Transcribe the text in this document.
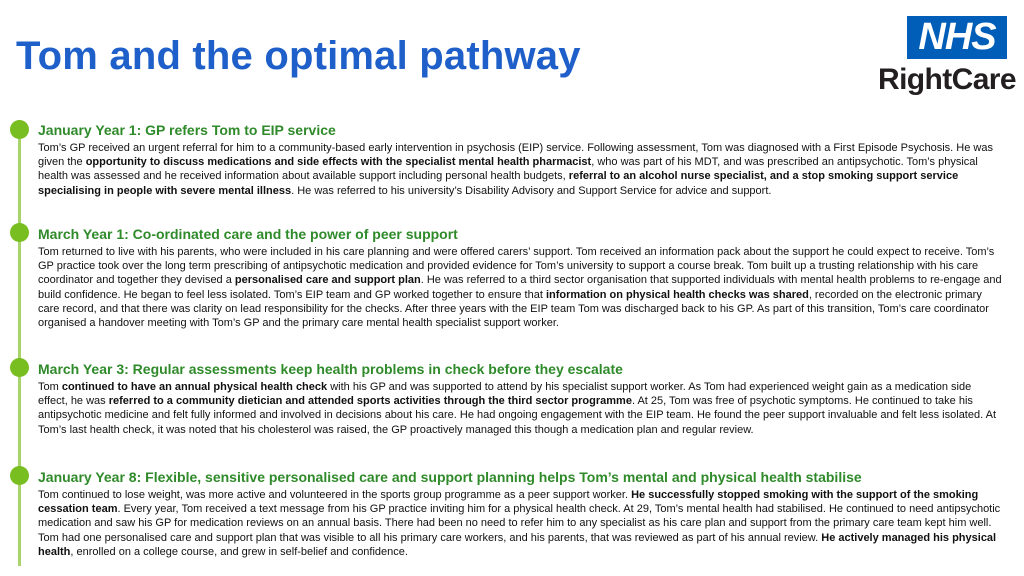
Tom and the optimal pathway	NHS
RightCare
January Year 1: GP refers Tom to EIP service

Tom’s GP received an urgent referral for him to a community-based early intervention in psychosis (EIP) service. Following assessment, Tom was diagnosed with a First Episode Psychosis. He was given the opportunity to discuss medications and side effects with the specialist mental health pharmacist, who was part of his MDT, and was prescribed an antipsychotic. Tom’s physical health was assessed and he received information about available support including personal health budgets, referral to an alcohol nurse specialist, and a stop smoking support service specialising in people with severe mental illness. He was referred to his university’s Disability Advisory and Support Service for advice and support.

March Year 1: Co-ordinated care and the power of peer support

Tom returned to live with his parents, who were included in his care planning and were offered carers’ support. Tom received an information pack about the support he could expect to receive. Tom’s GP practice took over the long term prescribing of antipsychotic medication and provided evidence for Tom’s university to support a course break. Tom built up a trusting relationship with his care coordinator and together they devised a personalised care and support plan. He was referred to a third sector organisation that supported individuals with mental health problems to re-engage and build confidence. He began to feel less isolated. Tom’s EIP team and GP worked together to ensure that information on physical health checks was shared, recorded on the electronic primary care record, and that there was clarity on lead responsibility for the checks. After three years with the EIP team Tom was discharged back to his GP. As part of this transition, Tom’s care coordinator organised a handover meeting with Tom’s GP and the primary care mental health specialist support worker.

March Year 3: Regular assessments keep health problems in check before they escalate

Tom continued to have an annual physical health check with his GP and was supported to attend by his specialist support worker. As Tom had experienced weight gain as a medication side effect, he was referred to a community dietician and attended sports activities through the third sector programme. At 25, Tom was free of psychotic symptoms. He continued to take his antipsychotic medicine and felt fully informed and involved in decisions about his care. He had ongoing engagement with the EIP team. He found the peer support invaluable and felt less isolated. At Tom’s last health check, it was noted that his cholesterol was raised, the GP proactively managed this though a medication plan and regular review.

January Year 8: Flexible, sensitive personalised care and support planning helps Tom’s mental and physical health stabilise

Tom continued to lose weight, was more active and volunteered in the sports group programme as a peer support worker. He successfully stopped smoking with the support of the smoking cessation team. Every year, Tom received a text message from his GP practice inviting him for a physical health check. At 29, Tom’s mental health had stabilised. He continued to need antipsychotic medication and saw his GP for medication reviews on an annual basis. There had been no need to refer him to any specialist as his care plan and support from the primary care team kept him well. Tom had one personalised care and support plan that was visible to all his primary care workers, and his parents, that was reviewed as part of his annual review. He actively managed his physical health, enrolled on a college course, and grew in self-belief and confidence.
